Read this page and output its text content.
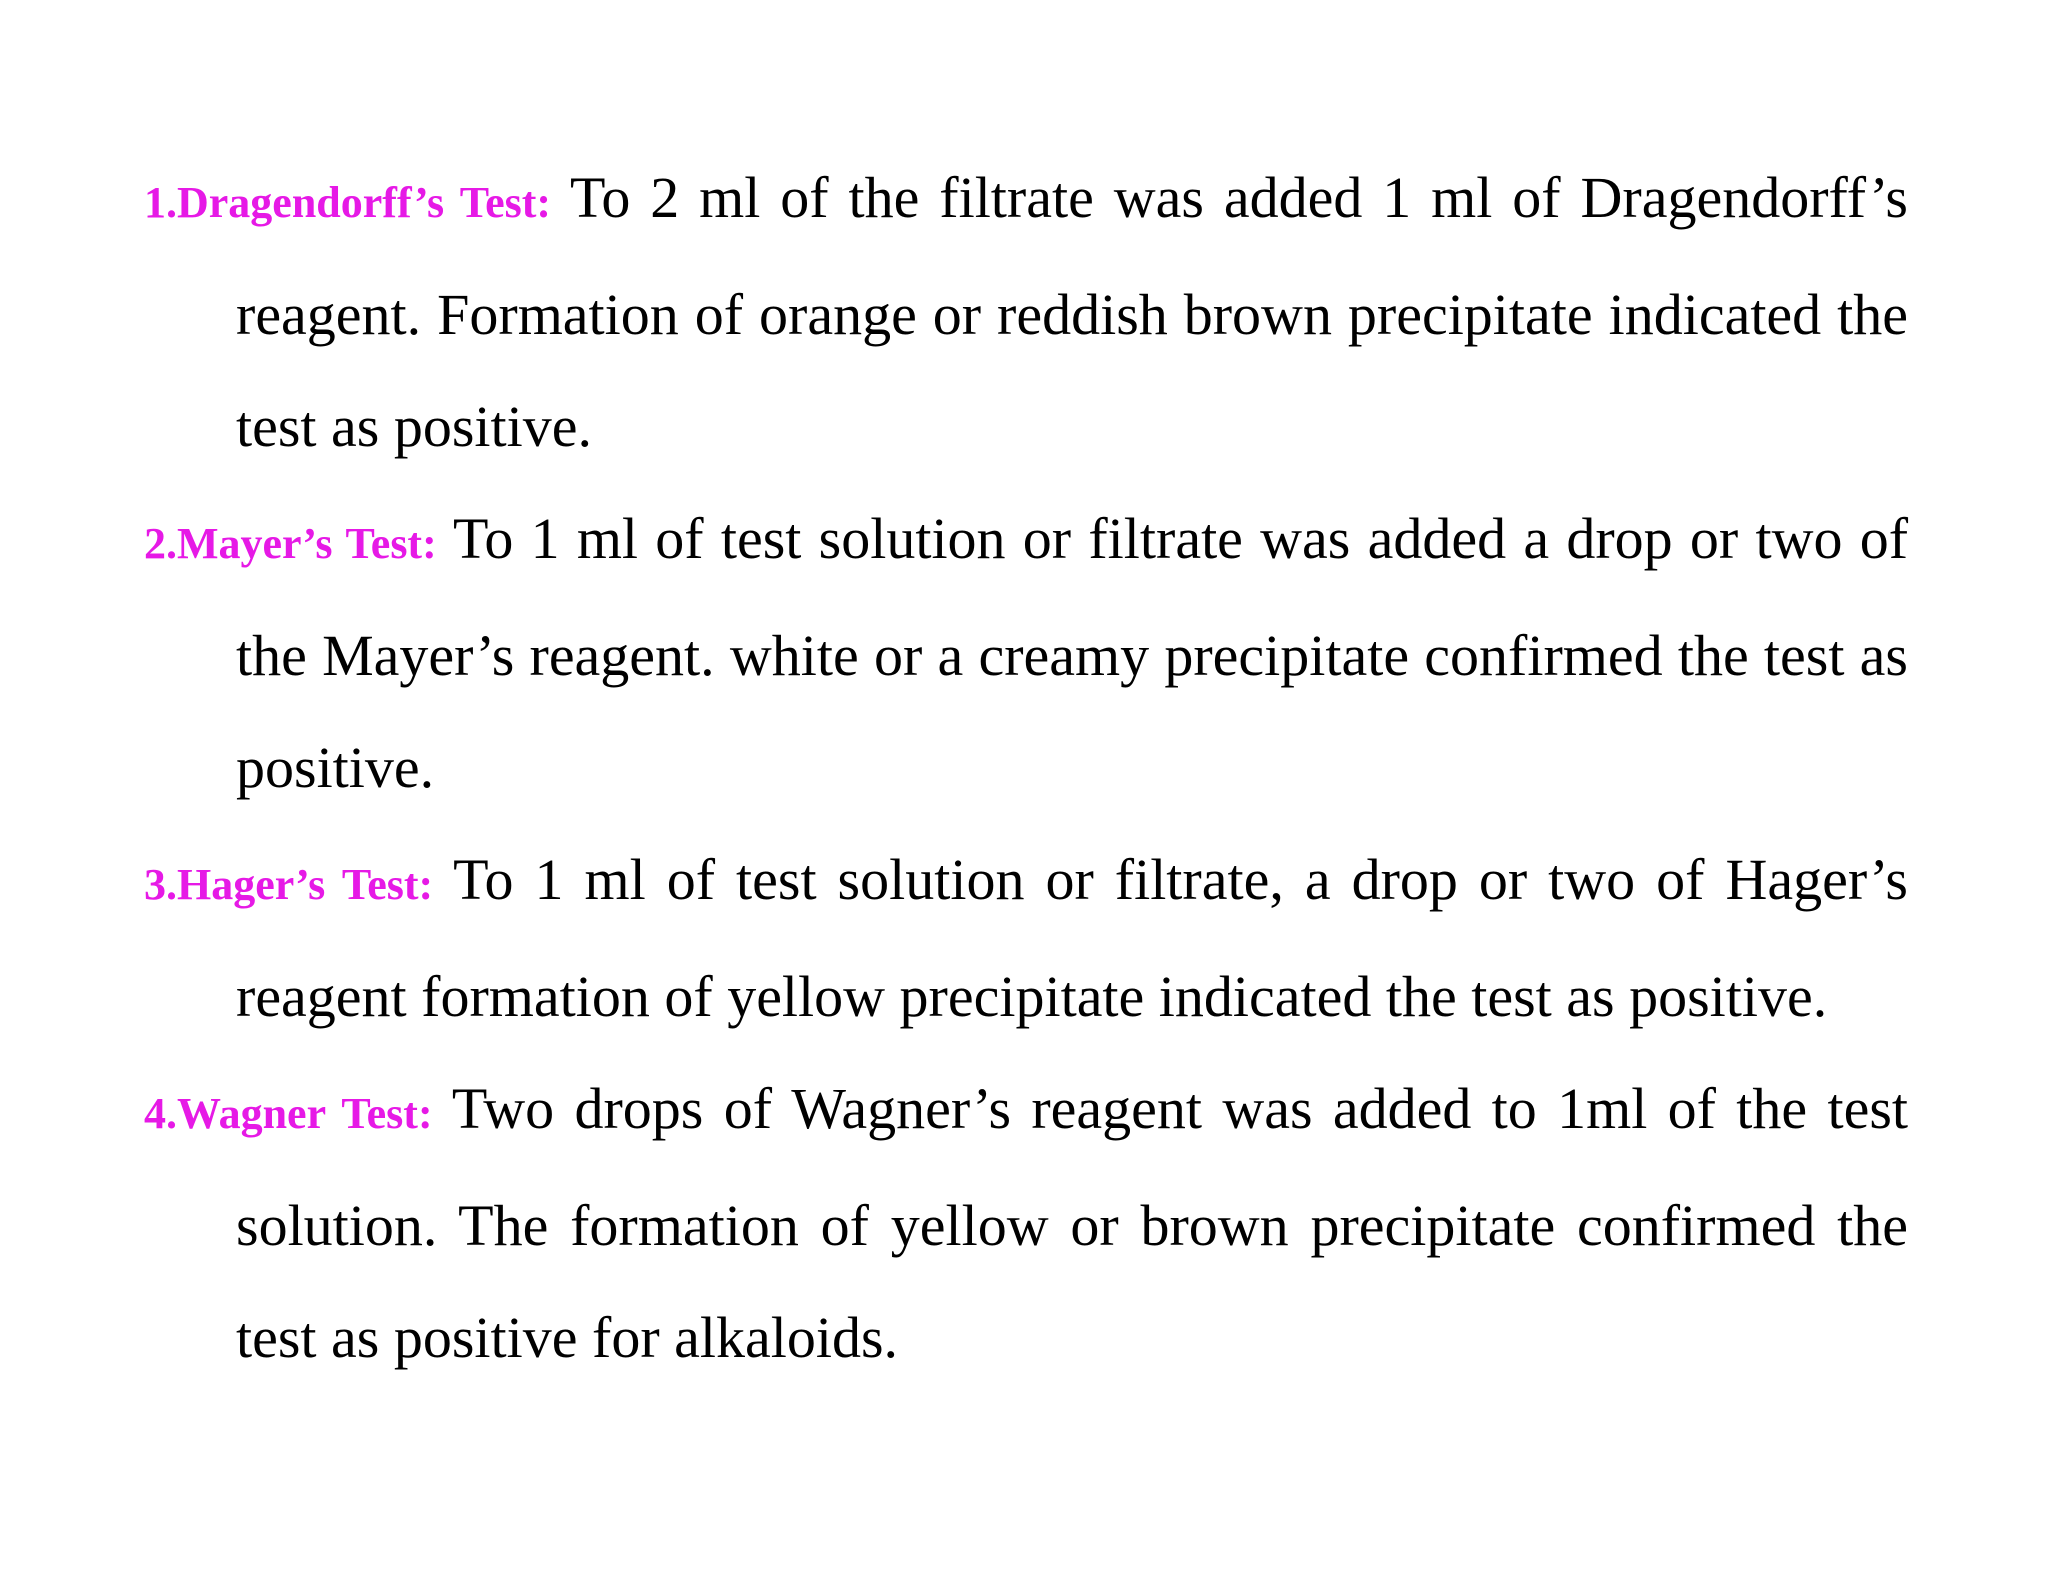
1.Dragendorff’s Test: To 2 ml of the filtrate was added 1 ml of Dragendorff’s reagent. Formation of orange or reddish brown precipitate indicated the test as positive.

2.Mayer’s Test: To 1 ml of test solution or filtrate was added a drop or two of the Mayer’s reagent. white or a creamy precipitate confirmed the test as positive.

3.Hager’s Test: To 1 ml of test solution or filtrate, a drop or two of Hager’s reagent formation of yellow precipitate indicated the test as positive.

4.Wagner Test: Two drops of Wagner’s reagent was added to 1ml of the test solution. The formation of yellow or brown precipitate confirmed the test as positive for alkaloids.
